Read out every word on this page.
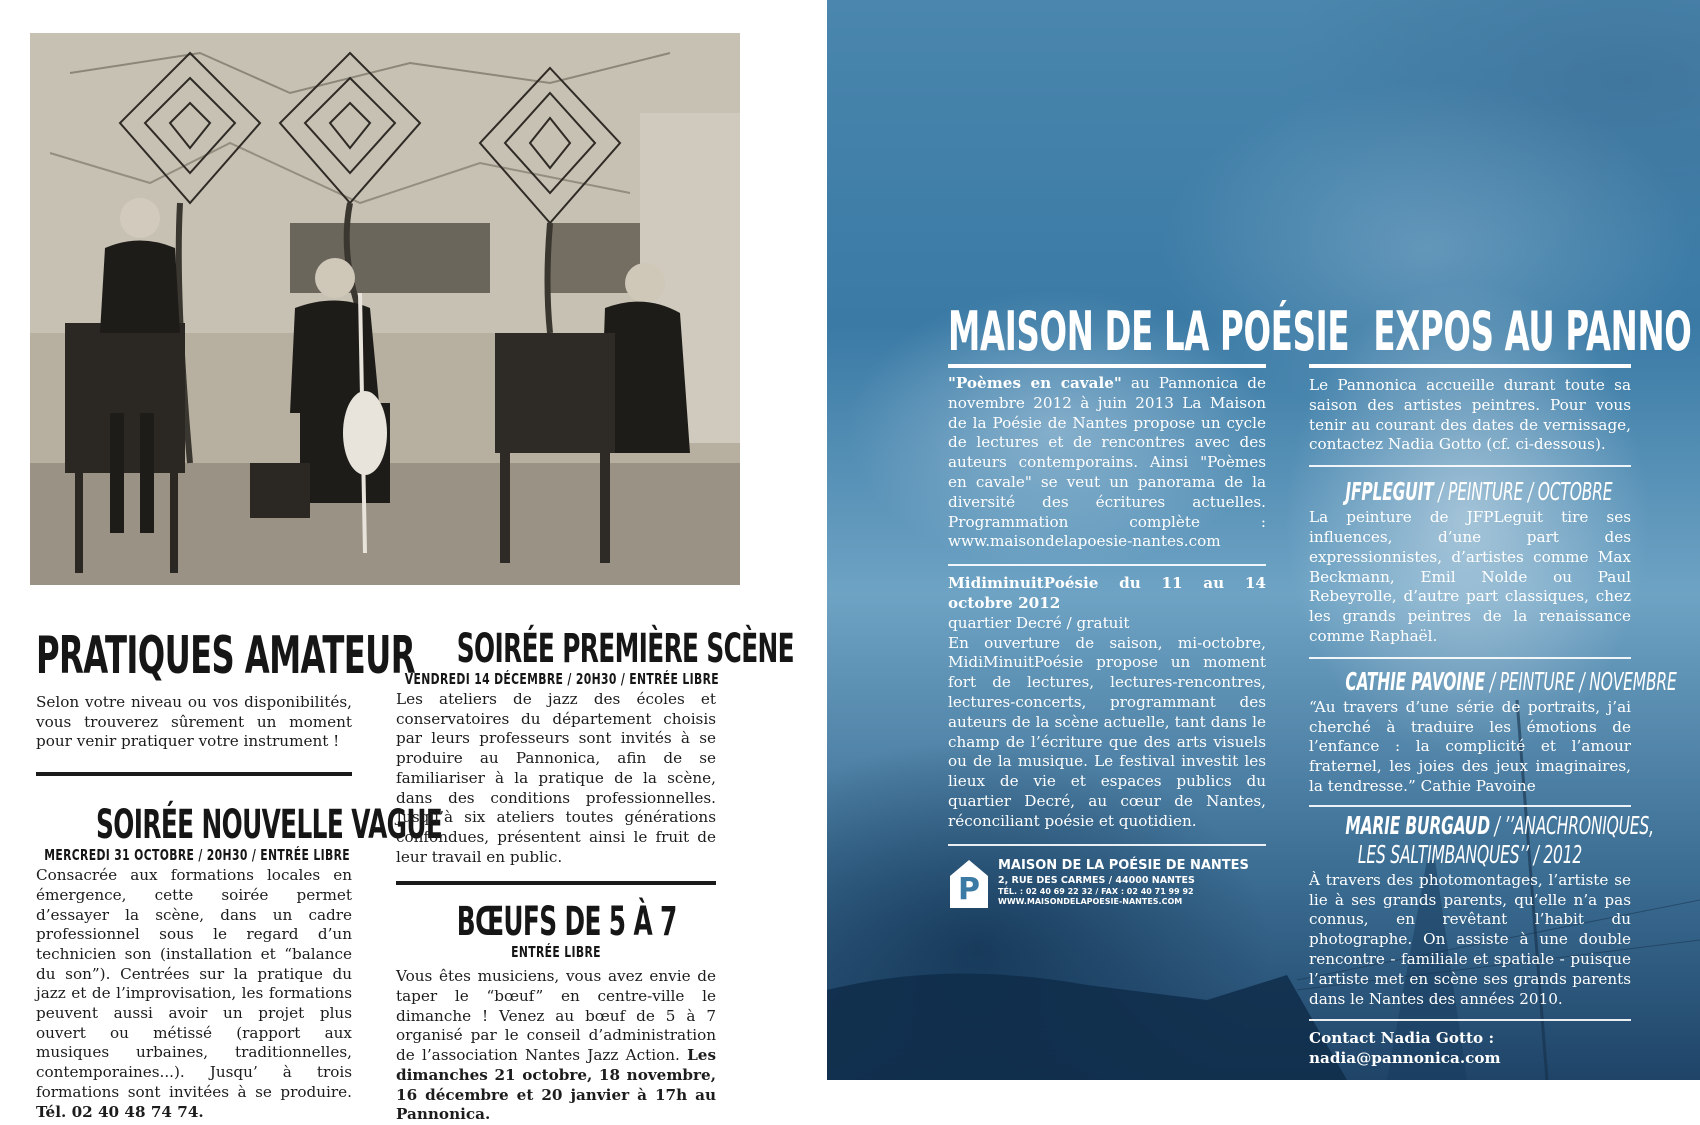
PRATIQUES AMATEUR

Selon votre niveau ou vos disponibilités, vous trouverez sûrement un moment pour venir pratiquer votre instrument !

SOIRÉE NOUVELLE VAGUE
MERCREDI 31 OCTOBRE / 20H30 / ENTRÉE LIBRE

Consacrée aux formations locales en émergence, cette soirée permet d’essayer la scène, dans un cadre professionnel sous le regard d’un technicien son (installation et “balance du son”). Centrées sur la pratique du jazz et de l’improvisation, les formations peuvent aussi avoir un projet plus ouvert ou métissé (rapport aux musiques urbaines, traditionnelles, contemporaines...). Jusqu’ à trois formations sont invitées à se produire. Tél. 02 40 48 74 74.

SOIRÉE PREMIÈRE SCÈNE
VENDREDI 14 DÉCEMBRE / 20H30 / ENTRÉE LIBRE

Les ateliers de jazz des écoles et conservatoires du département choisis par leurs professeurs sont invités à se produire au Pannonica, afin de se familiariser à la pratique de la scène, dans des conditions professionnelles. Jusqu’à six ateliers toutes générations confondues, présentent ainsi le fruit de leur travail en public.

BŒUFS DE 5 À 7
ENTRÉE LIBRE

Vous êtes musiciens, vous avez envie de taper le “bœuf” en centre-ville le dimanche ! Venez au bœuf de 5 à 7 organisé par le conseil d’administration de l’association Nantes Jazz Action. Les dimanches 21 octobre, 18 novembre, 16 décembre et 20 janvier à 17h au Pannonica.

MAISON DE LA POÉSIE

"Poèmes en cavale" au Pannonica de novembre 2012 à juin 2013 La Maison de la Poésie de Nantes propose un cycle de lectures et de rencontres avec des auteurs contemporains. Ainsi "Poèmes en cavale" se veut un panorama de la diversité des écritures actuelles. Programmation complète : www.maisondelapoesie-nantes.com

MidiminuitPoésie du 11 au 14 octobre 2012
quartier Decré / gratuit
En ouverture de saison, mi-octobre, MidiMinuitPoésie propose un moment fort de lectures, lectures-rencontres, lectures-concerts, programmant des auteurs de la scène actuelle, tant dans le champ de l’écriture que des arts visuels ou de la musique. Le festival investit les lieux de vie et espaces publics du quartier Decré, au cœur de Nantes, réconciliant poésie et quotidien.

P
MAISON DE LA POÉSIE DE NANTES
2, RUE DES CARMES / 44000 NANTES
TÉL. : 02 40 69 22 32 / FAX : 02 40 71 99 92
WWW.MAISONDELAPOESIE-NANTES.COM
EXPOS AU PANNO

Le Pannonica accueille durant toute sa saison des artistes peintres. Pour vous tenir au courant des dates de vernissage, contactez Nadia Gotto (cf. ci-dessous).

JFPLEGUIT / PEINTURE / OCTOBRE

La peinture de JFPLeguit tire ses influences, d’une part des expressionnistes, d’artistes comme Max Beckmann, Emil Nolde ou Paul Rebeyrolle, d’autre part classiques, chez les grands peintres de la renaissance comme Raphaël.

CATHIE PAVOINE / PEINTURE / NOVEMBRE

“Au travers d’une série de portraits, j’ai cherché à traduire les émotions de l’enfance : la complicité et l’amour fraternel, les joies des jeux imaginaires, la tendresse.” Cathie Pavoine

MARIE BURGAUD / ’’ANACHRONIQUES,
LES SALTIMBANQUES’’ / 2012

À travers des photomontages, l’artiste se lie à ses grands parents, qu’elle n’a pas connus, en revêtant l’habit du photographe. On assiste à une double rencontre - familiale et spatiale - puisque l’artiste met en scène ses grands parents dans le Nantes des années 2010.

Contact Nadia Gotto :
nadia@pannonica.com
